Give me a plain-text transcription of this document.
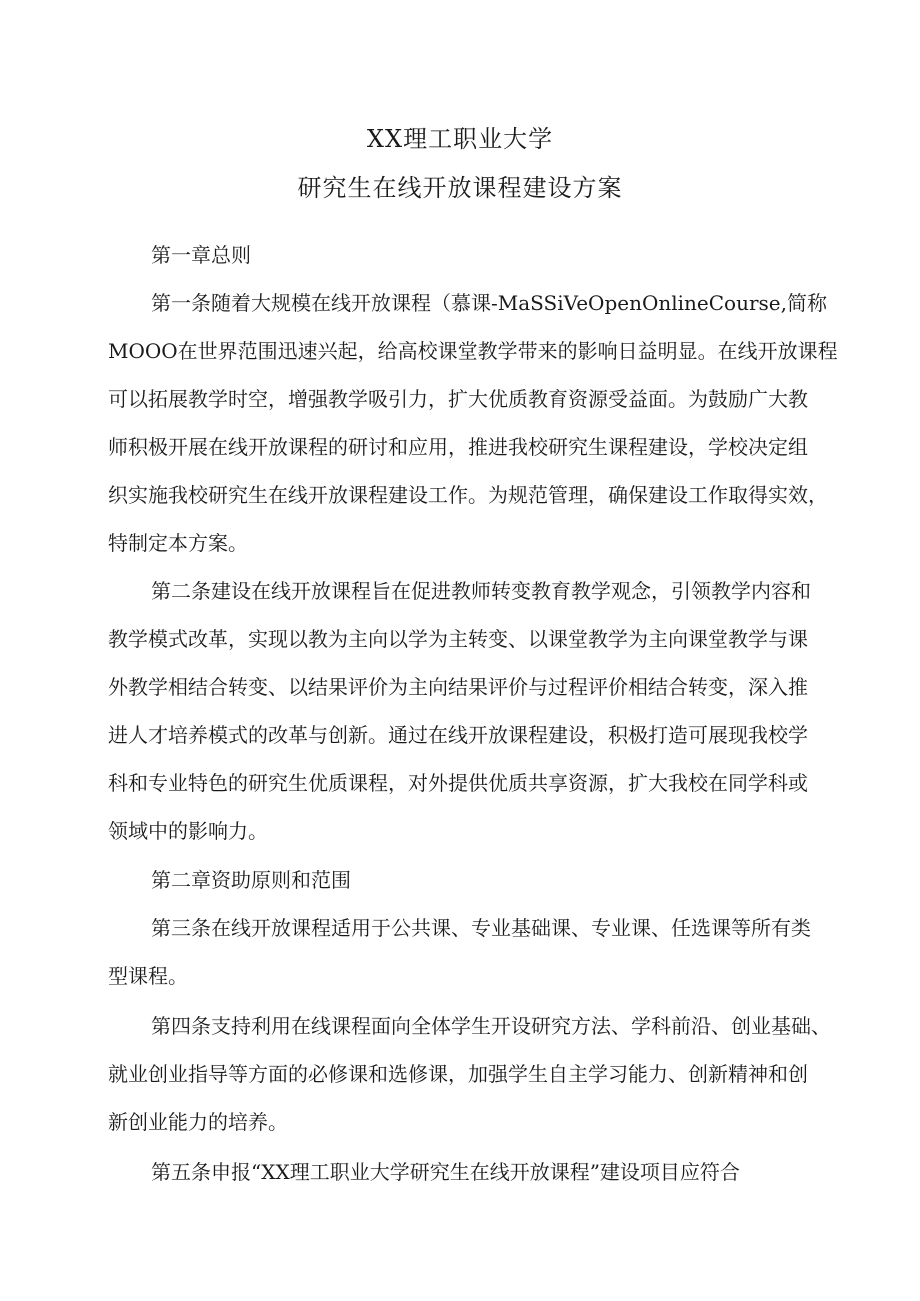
XX理工职业大学
研究生在线开放课程建设方案
第一章总则
第一条随着大规模在线开放课程（慕课-MaSSiVeOpenOnlineCourse,简称
MOOO在世界范围迅速兴起，给高校课堂教学带来的影响日益明显。在线开放课程
可以拓展教学时空，增强教学吸引力，扩大优质教育资源受益面。为鼓励广大教
师积极开展在线开放课程的研讨和应用，推进我校研究生课程建设，学校决定组
织实施我校研究生在线开放课程建设工作。为规范管理，确保建设工作取得实效，
特制定本方案。
第二条建设在线开放课程旨在促进教师转变教育教学观念，引领教学内容和
教学模式改革，实现以教为主向以学为主转变、以课堂教学为主向课堂教学与课
外教学相结合转变、以结果评价为主向结果评价与过程评价相结合转变，深入推
进人才培养模式的改革与创新。通过在线开放课程建设，积极打造可展现我校学
科和专业特色的研究生优质课程，对外提供优质共享资源，扩大我校在同学科或
领域中的影响力。
第二章资助原则和范围
第三条在线开放课程适用于公共课、专业基础课、专业课、任选课等所有类
型课程。
第四条支持利用在线课程面向全体学生开设研究方法、学科前沿、创业基础、
就业创业指导等方面的必修课和选修课，加强学生自主学习能力、创新精神和创
新创业能力的培养。
第五条申报“XX理工职业大学研究生在线开放课程”建设项目应符合
